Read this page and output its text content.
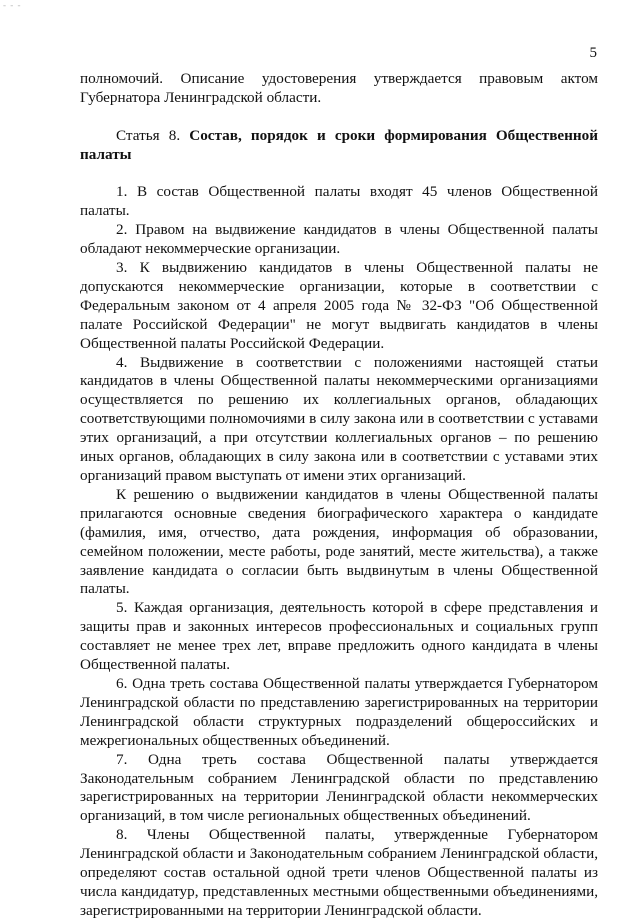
- - -
5

полномочий. Описание удостоверения утверждается правовым актом Губернатора Ленинградской области.

Статья 8. Состав, порядок и сроки формирования Общественной палаты

1. В состав Общественной палаты входят 45 членов Общественной палаты.

2. Правом на выдвижение кандидатов в члены Общественной палаты обладают некоммерческие организации.

3. К выдвижению кандидатов в члены Общественной палаты не допускаются некоммерческие организации, которые в соответствии с Федеральным законом от 4 апреля 2005 года № 32-ФЗ "Об Общественной палате Российской Федерации" не могут выдвигать кандидатов в члены Общественной палаты Российской Федерации.

4. Выдвижение в соответствии с положениями настоящей статьи кандидатов в члены Общественной палаты некоммерческими организациями осуществляется по решению их коллегиальных органов, обладающих соответствующими полномочиями в силу закона или в соответствии с уставами этих организаций, а при отсутствии коллегиальных органов – по решению иных органов, обладающих в силу закона или в соответствии с уставами этих организаций правом выступать от имени этих организаций.

К решению о выдвижении кандидатов в члены Общественной палаты прилагаются основные сведения биографического характера о кандидате (фамилия, имя, отчество, дата рождения, информация об образовании, семейном положении, месте работы, роде занятий, месте жительства), а также заявление кандидата о согласии быть выдвинутым в члены Общественной палаты.

5. Каждая организация, деятельность которой в сфере представления и защиты прав и законных интересов профессиональных и социальных групп составляет не менее трех лет, вправе предложить одного кандидата в члены Общественной палаты.

6. Одна треть состава Общественной палаты утверждается Губернатором Ленинградской области по представлению зарегистрированных на территории Ленинградской области структурных подразделений общероссийских и межрегиональных общественных объединений.

7. Одна треть состава Общественной палаты утверждается Законодательным собранием Ленинградской области по представлению зарегистрированных на территории Ленинградской области некоммерческих организаций, в том числе региональных общественных объединений.

8. Члены Общественной палаты, утвержденные Губернатором Ленинградской области и Законодательным собранием Ленинградской области, определяют состав остальной одной трети членов Общественной палаты из числа кандидатур, представленных местными общественными объединениями, зарегистрированными на территории Ленинградской области.
